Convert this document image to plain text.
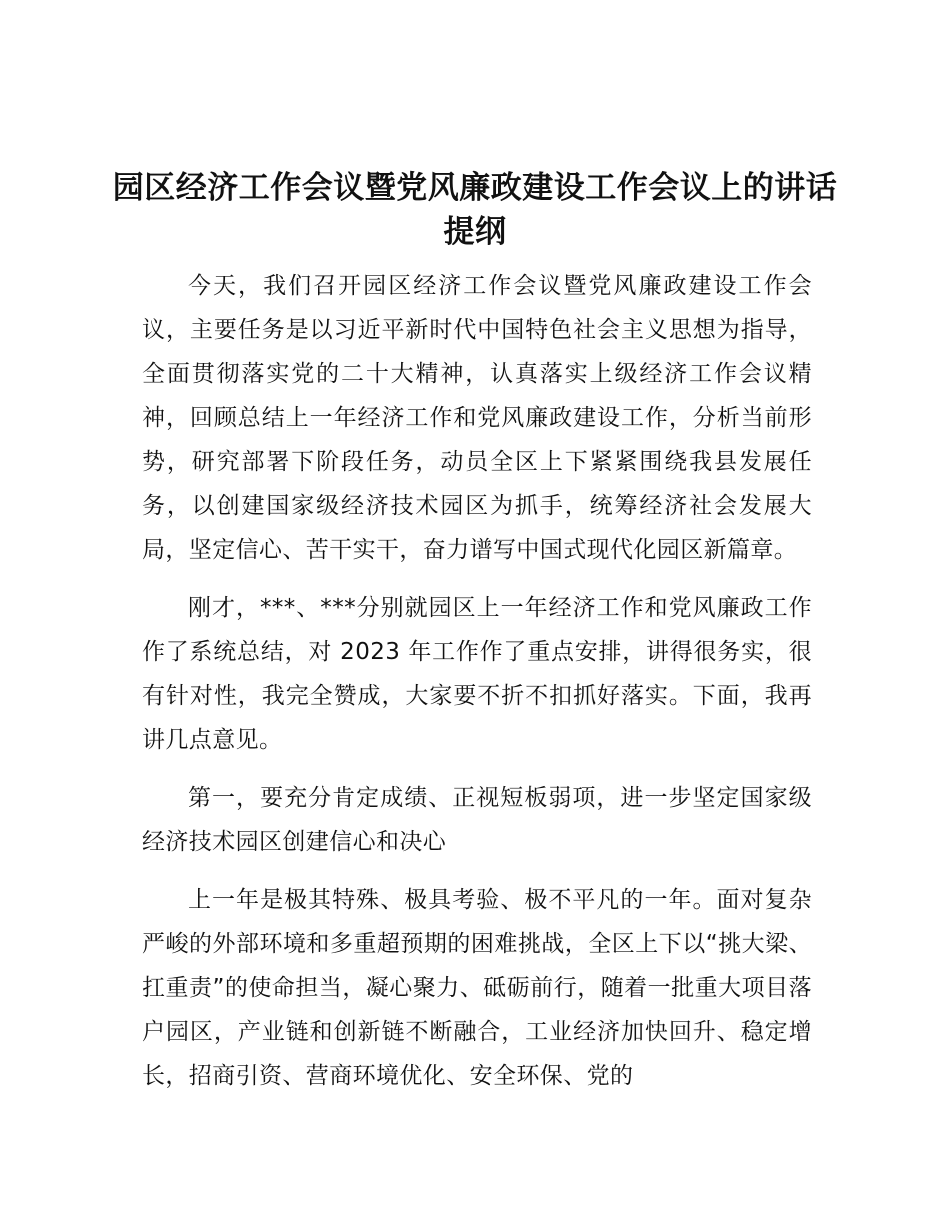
园区经济工作会议暨党风廉政建设工作会议上的讲话提纲

今天，我们召开园区经济工作会议暨党风廉政建设工作会议，主要任务是以习近平新时代中国特色社会主义思想为指导，全面贯彻落实党的二十大精神，认真落实上级经济工作会议精神，回顾总结上一年经济工作和党风廉政建设工作，分析当前形势，研究部署下阶段任务，动员全区上下紧紧围绕我县发展任务，以创建国家级经济技术园区为抓手，统筹经济社会发展大局，坚定信心、苦干实干，奋力谱写中国式现代化园区新篇章。

刚才，***、***分别就园区上一年经济工作和党风廉政工作作了系统总结，对 2023 年工作作了重点安排，讲得很务实，很有针对性，我完全赞成，大家要不折不扣抓好落实。下面，我再讲几点意见。

第一，要充分肯定成绩、正视短板弱项，进一步坚定国家级经济技术园区创建信心和决心

上一年是极其特殊、极具考验、极不平凡的一年。面对复杂严峻的外部环境和多重超预期的困难挑战，全区上下以“挑大梁、扛重责”的使命担当，凝心聚力、砥砺前行，随着一批重大项目落户园区，产业链和创新链不断融合，工业经济加快回升、稳定增长，招商引资、营商环境优化、安全环保、党的
